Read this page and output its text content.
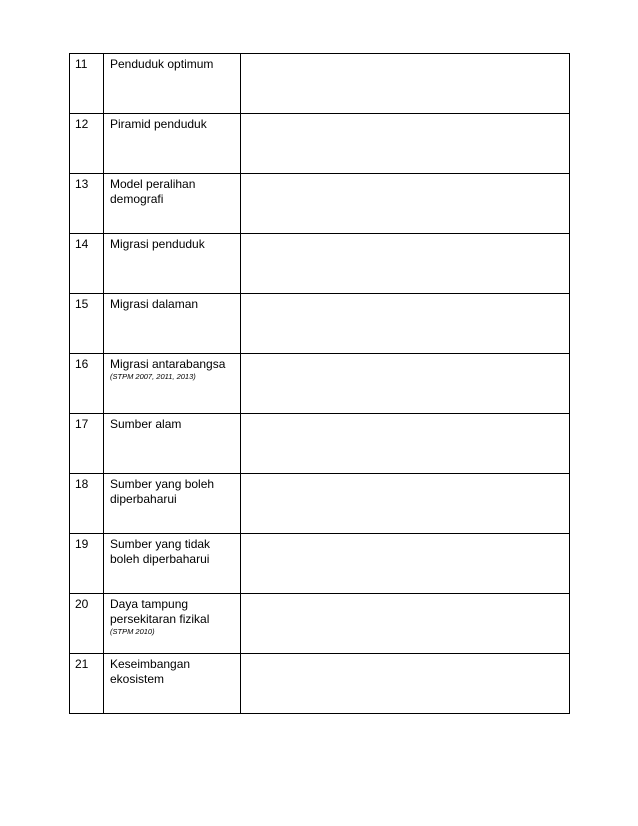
11	Penduduk optimum	

12	Piramid penduduk	

13	Model peralihan demografi	

14	Migrasi penduduk	

15	Migrasi dalaman	

16	Migrasi antarabangsa
(STPM 2007, 2011, 2013)	

17	Sumber alam	

18	Sumber yang boleh diperbaharui	

19	Sumber yang tidak boleh diperbaharui	

20	Daya tampung persekitaran fizikal
(STPM 2010)	

21	Keseimbangan ekosistem	
